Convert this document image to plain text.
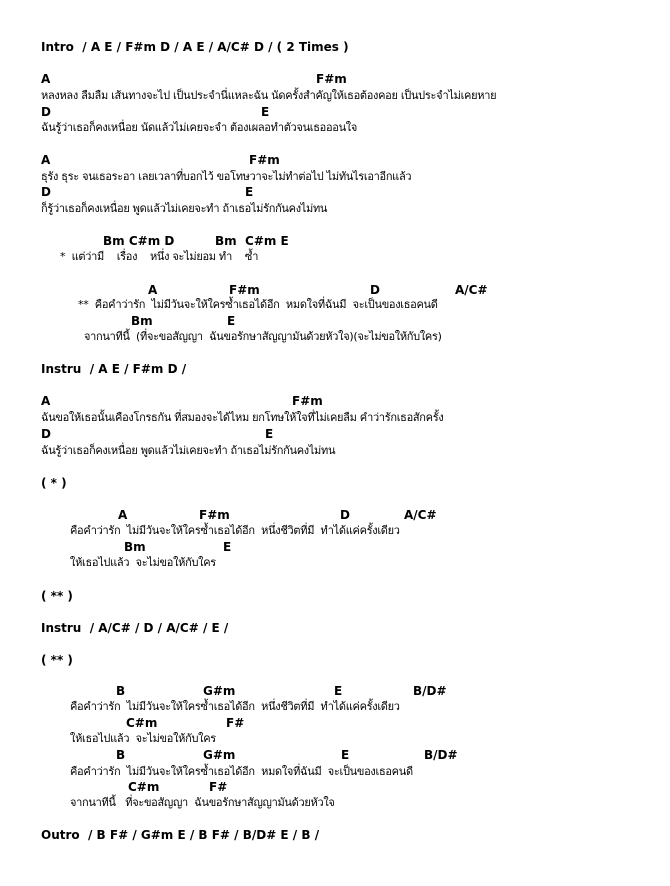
Intro  / A E / F#m D / A E / A/C# D / ( 2 Times )
A	F#m
หลงหลง ลืมลืม เส้นทางจะไป เป็นประจำนี่แหละฉัน นัดครั้งสำคัญให้เธอต้องคอย เป็นประจำไม่เคยหาย
D	E
ฉันรู้ว่าเธอก็คงเหนื่อย นัดแล้วไม่เคยจะจำ ต้องเผลอทำตัวจนเธอออนใจ
A	F#m
ธุรัง ธุระ จนเธอระอา เลยเวลาที่บอกไว้ ขอโทษวาจะไม่ทำต่อไป ไม่ทันไรเอาอีกแล้ว
D	E
ก็รู้ว่าเธอก็คงเหนื่อย พูดแล้วไม่เคยจะทำ ถ้าเธอไม่รักกันคงไม่ทน
Bm C#m D	Bm  C#m E
*  แต่ว่ามี    เรื่อง    หนึ่ง จะไม่ยอม ทำ    ซ้ำ
A	F#m	D	A/C#
**  คือคำว่ารัก  ไม่มีวันจะให้ใครซ้ำเธอได้อีก  หมดใจที่ฉันมี  จะเป็นของเธอคนดี
Bm	E
จากนาทีนี้  (ที่จะขอสัญญา  ฉันขอรักษาสัญญามันด้วยหัวใจ)(จะไม่ขอให้กับใคร)
Instru  / A E / F#m D /
A	F#m
ฉันขอให้เธอนั้นเคืองโกรธกัน ที่สมองจะได้ไหม ยกโทษให้ใจที่ไม่เคยลืม คำว่ารักเธอสักครั้ง
D	E
ฉันรู้ว่าเธอก็คงเหนื่อย พูดแล้วไม่เคยจะทำ ถ้าเธอไม่รักกันคงไม่ทน
( * )
A	F#m	D	A/C#
คือคำว่ารัก  ไม่มีวันจะให้ใครซ้ำเธอได้อีก  หนึ่งชีวิตที่มี  ทำได้แค่ครั้งเดียว
Bm	E
ให้เธอไปแล้ว  จะไม่ขอให้กับใคร
( ** )
Instru  / A/C# / D / A/C# / E /
( ** )
B	G#m	E	B/D#
คือคำว่ารัก  ไม่มีวันจะให้ใครซ้ำเธอได้อีก  หนึ่งชีวิตที่มี  ทำได้แค่ครั้งเดียว
C#m	F#
ให้เธอไปแล้ว  จะไม่ขอให้กับใคร
B	G#m	E	B/D#
คือคำว่ารัก  ไม่มีวันจะให้ใครซ้ำเธอได้อีก  หมดใจที่ฉันมี  จะเป็นของเธอคนดี
C#m	F#
จากนาทีนี้   ที่จะขอสัญญา  ฉันขอรักษาสัญญามันด้วยหัวใจ
Outro  / B F# / G#m E / B F# / B/D# E / B /
